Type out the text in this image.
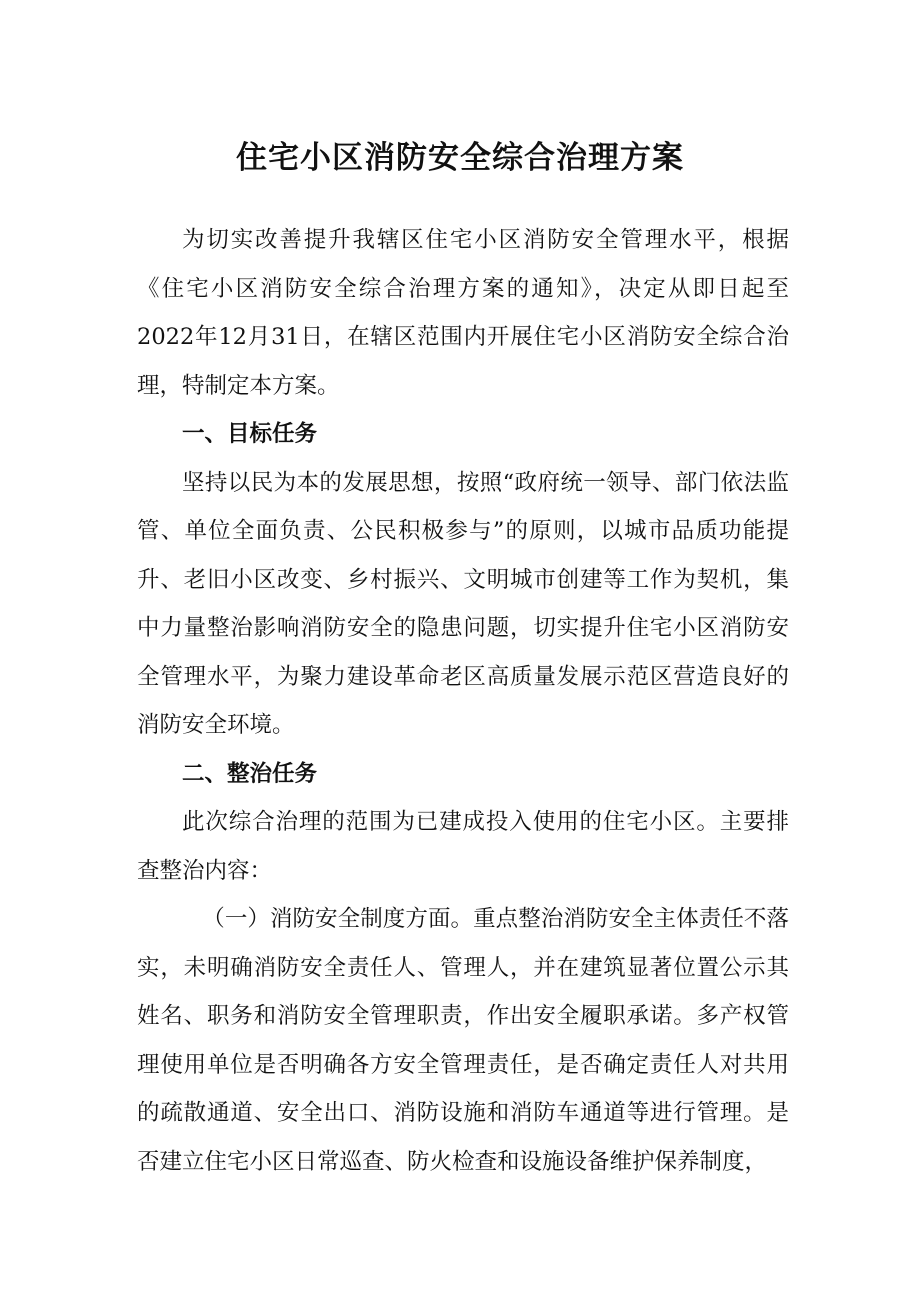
住宅小区消防安全综合治理方案

为切实改善提升我辖区住宅小区消防安全管理水平，根据《住宅小区消防安全综合治理方案的通知》，决定从即日起至2022年12月31日，在辖区范围内开展住宅小区消防安全综合治理，特制定本方案。

一、目标任务

坚持以民为本的发展思想，按照“政府统一领导、部门依法监管、单位全面负责、公民积极参与”的原则，以城市品质功能提升、老旧小区改变、乡村振兴、文明城市创建等工作为契机，集中力量整治影响消防安全的隐患问题，切实提升住宅小区消防安全管理水平，为聚力建设革命老区高质量发展示范区营造良好的消防安全环境。

二、整治任务

此次综合治理的范围为已建成投入使用的住宅小区。主要排查整治内容：

（一）消防安全制度方面。重点整治消防安全主体责任不落实，未明确消防安全责任人、管理人，并在建筑显著位置公示其姓名、职务和消防安全管理职责，作出安全履职承诺。多产权管理使用单位是否明确各方安全管理责任，是否确定责任人对共用的疏散通道、安全出口、消防设施和消防车通道等进行管理。是否建立住宅小区日常巡查、防火检查和设施设备维护保养制度，
